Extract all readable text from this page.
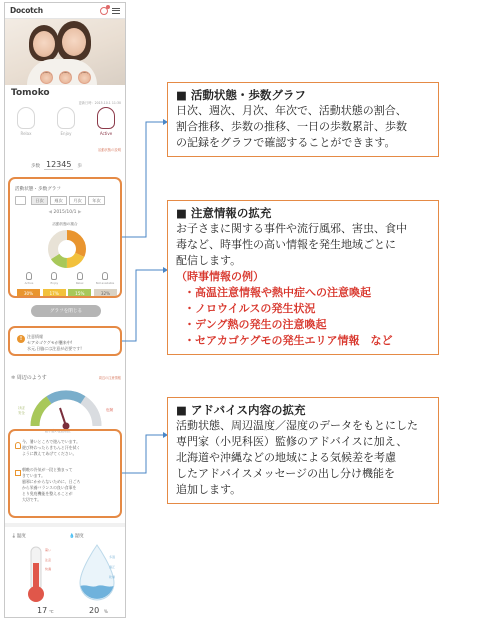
Docotch
Tomoko
更新日時：2015.10.1 11:30
Relax	Enjoy	Active
活動状態の説明
歩数 12345	歩
活動状態・歩数グラフ
日次	週次	月次	年次
◀ 2015/10/1 ▶
活動状態の割合
Active	Enjoy	Relax	Not available
30%	17%	15%	32%
グラフを閉じる
!	注意情報
セアカゴケグモが襲来中!
水元,日脇には注意が必要です!
❄ 周辺のようす	周辺の注意情報
ほぼ
安全
危険
熱中症の注意状況
今、暑いところで遊んでいます。
遊び終わったらきちんと汗を拭く
ように教えてあげてください。
朝晩の冷気が一段と強まって
きています。
風邪にかからないために、日ごろ
から栄養バランスの良い食事を
とり免疫機能を整えることが
大切です。
🌡温度	💧湿度
暑い
注意
快適
多湿
適正
乾燥
17 ℃	20 %
■ 活動状態・歩数グラフ
日次、週次、月次、年次で、活動状態の割合、
割合推移、歩数の推移、一日の歩数累計、歩数
の記録をグラフで確認することができます。
■ 注意情報の拡充
お子さまに関する事件や流行風邪、害虫、食中
毒など、時事性の高い情報を発生地域ごとに
配信します。
（時事情報の例）
・高温注意情報や熱中症への注意喚起
・ノロウイルスの発生状況
・デング熱の発生の注意喚起
・セアカゴケグモの発生エリア情報　など
■ アドバイス内容の拡充
活動状態、周辺温度／湿度のデータをもとにした
専門家（小児科医）監修のアドバイスに加え、
北海道や沖縄などの地域による気候差を考慮
したアドバイスメッセージの出し分け機能を
追加します。
